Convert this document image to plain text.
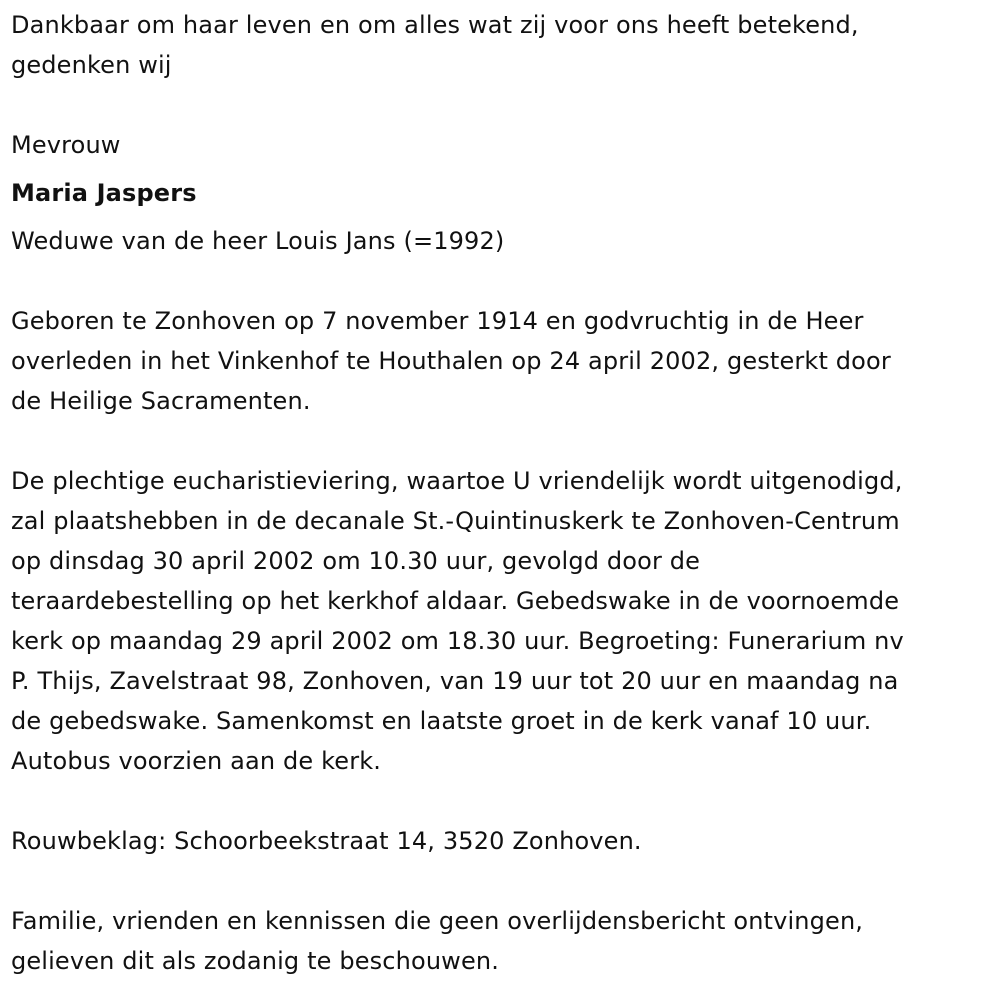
Dankbaar om haar leven en om alles wat zij voor ons heeft betekend,
gedenken wij

Mevrouw

Maria Jaspers

Weduwe van de heer Louis Jans (=1992)

Geboren te Zonhoven op 7 november 1914 en godvruchtig in de Heer
overleden in het Vinkenhof te Houthalen op 24 april 2002, gesterkt door
de Heilige Sacramenten.

De plechtige eucharistieviering, waartoe U vriendelijk wordt uitgenodigd,
zal plaatshebben in de decanale St.-Quintinuskerk te Zonhoven-Centrum
op dinsdag 30 april 2002 om 10.30 uur, gevolgd door de
teraardebestelling op het kerkhof aldaar. Gebedswake in de voornoemde
kerk op maandag 29 april 2002 om 18.30 uur. Begroeting: Funerarium nv
P. Thijs, Zavelstraat 98, Zonhoven, van 19 uur tot 20 uur en maandag na
de gebedswake. Samenkomst en laatste groet in de kerk vanaf 10 uur.
Autobus voorzien aan de kerk.

Rouwbeklag: Schoorbeekstraat 14, 3520 Zonhoven.

Familie, vrienden en kennissen die geen overlijdensbericht ontvingen,
gelieven dit als zodanig te beschouwen.
